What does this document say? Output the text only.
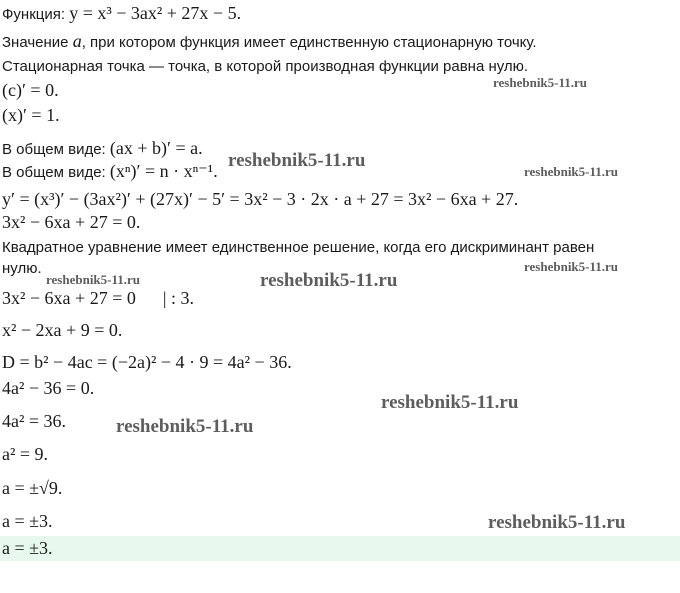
Функция: y = x³ − 3ax² + 27x − 5.
Значение a, при котором функция имеет единственную стационарную точку.
Стационарная точка — точка, в которой производная функции равна нулю.
(c)′ = 0.
(x)′ = 1.
В общем виде: (ax + b)′ = a.
В общем виде: (xⁿ)′ = n · xⁿ⁻¹.
y′ = (x³)′ − (3ax²)′ + (27x)′ − 5′ = 3x² − 3 · 2x · a + 27 = 3x² − 6xa + 27.
3x² − 6xa + 27 = 0.
Квадратное уравнение имеет единственное решение, когда его дискриминант равен
нулю.
3x² − 6xa + 27 = 0      | : 3.
x² − 2xa + 9 = 0.
D = b² − 4ac = (−2a)² − 4 · 9 = 4a² − 36.
4a² − 36 = 0.
4a² = 36.
a² = 9.
a = ±√9.
a = ±3.
a = ±3.
reshebnik5-11.ru
reshebnik5-11.ru
reshebnik5-11.ru
reshebnik5-11.ru
reshebnik5-11.ru	reshebnik5-11.ru
reshebnik5-11.ru
reshebnik5-11.ru
reshebnik5-11.ru
